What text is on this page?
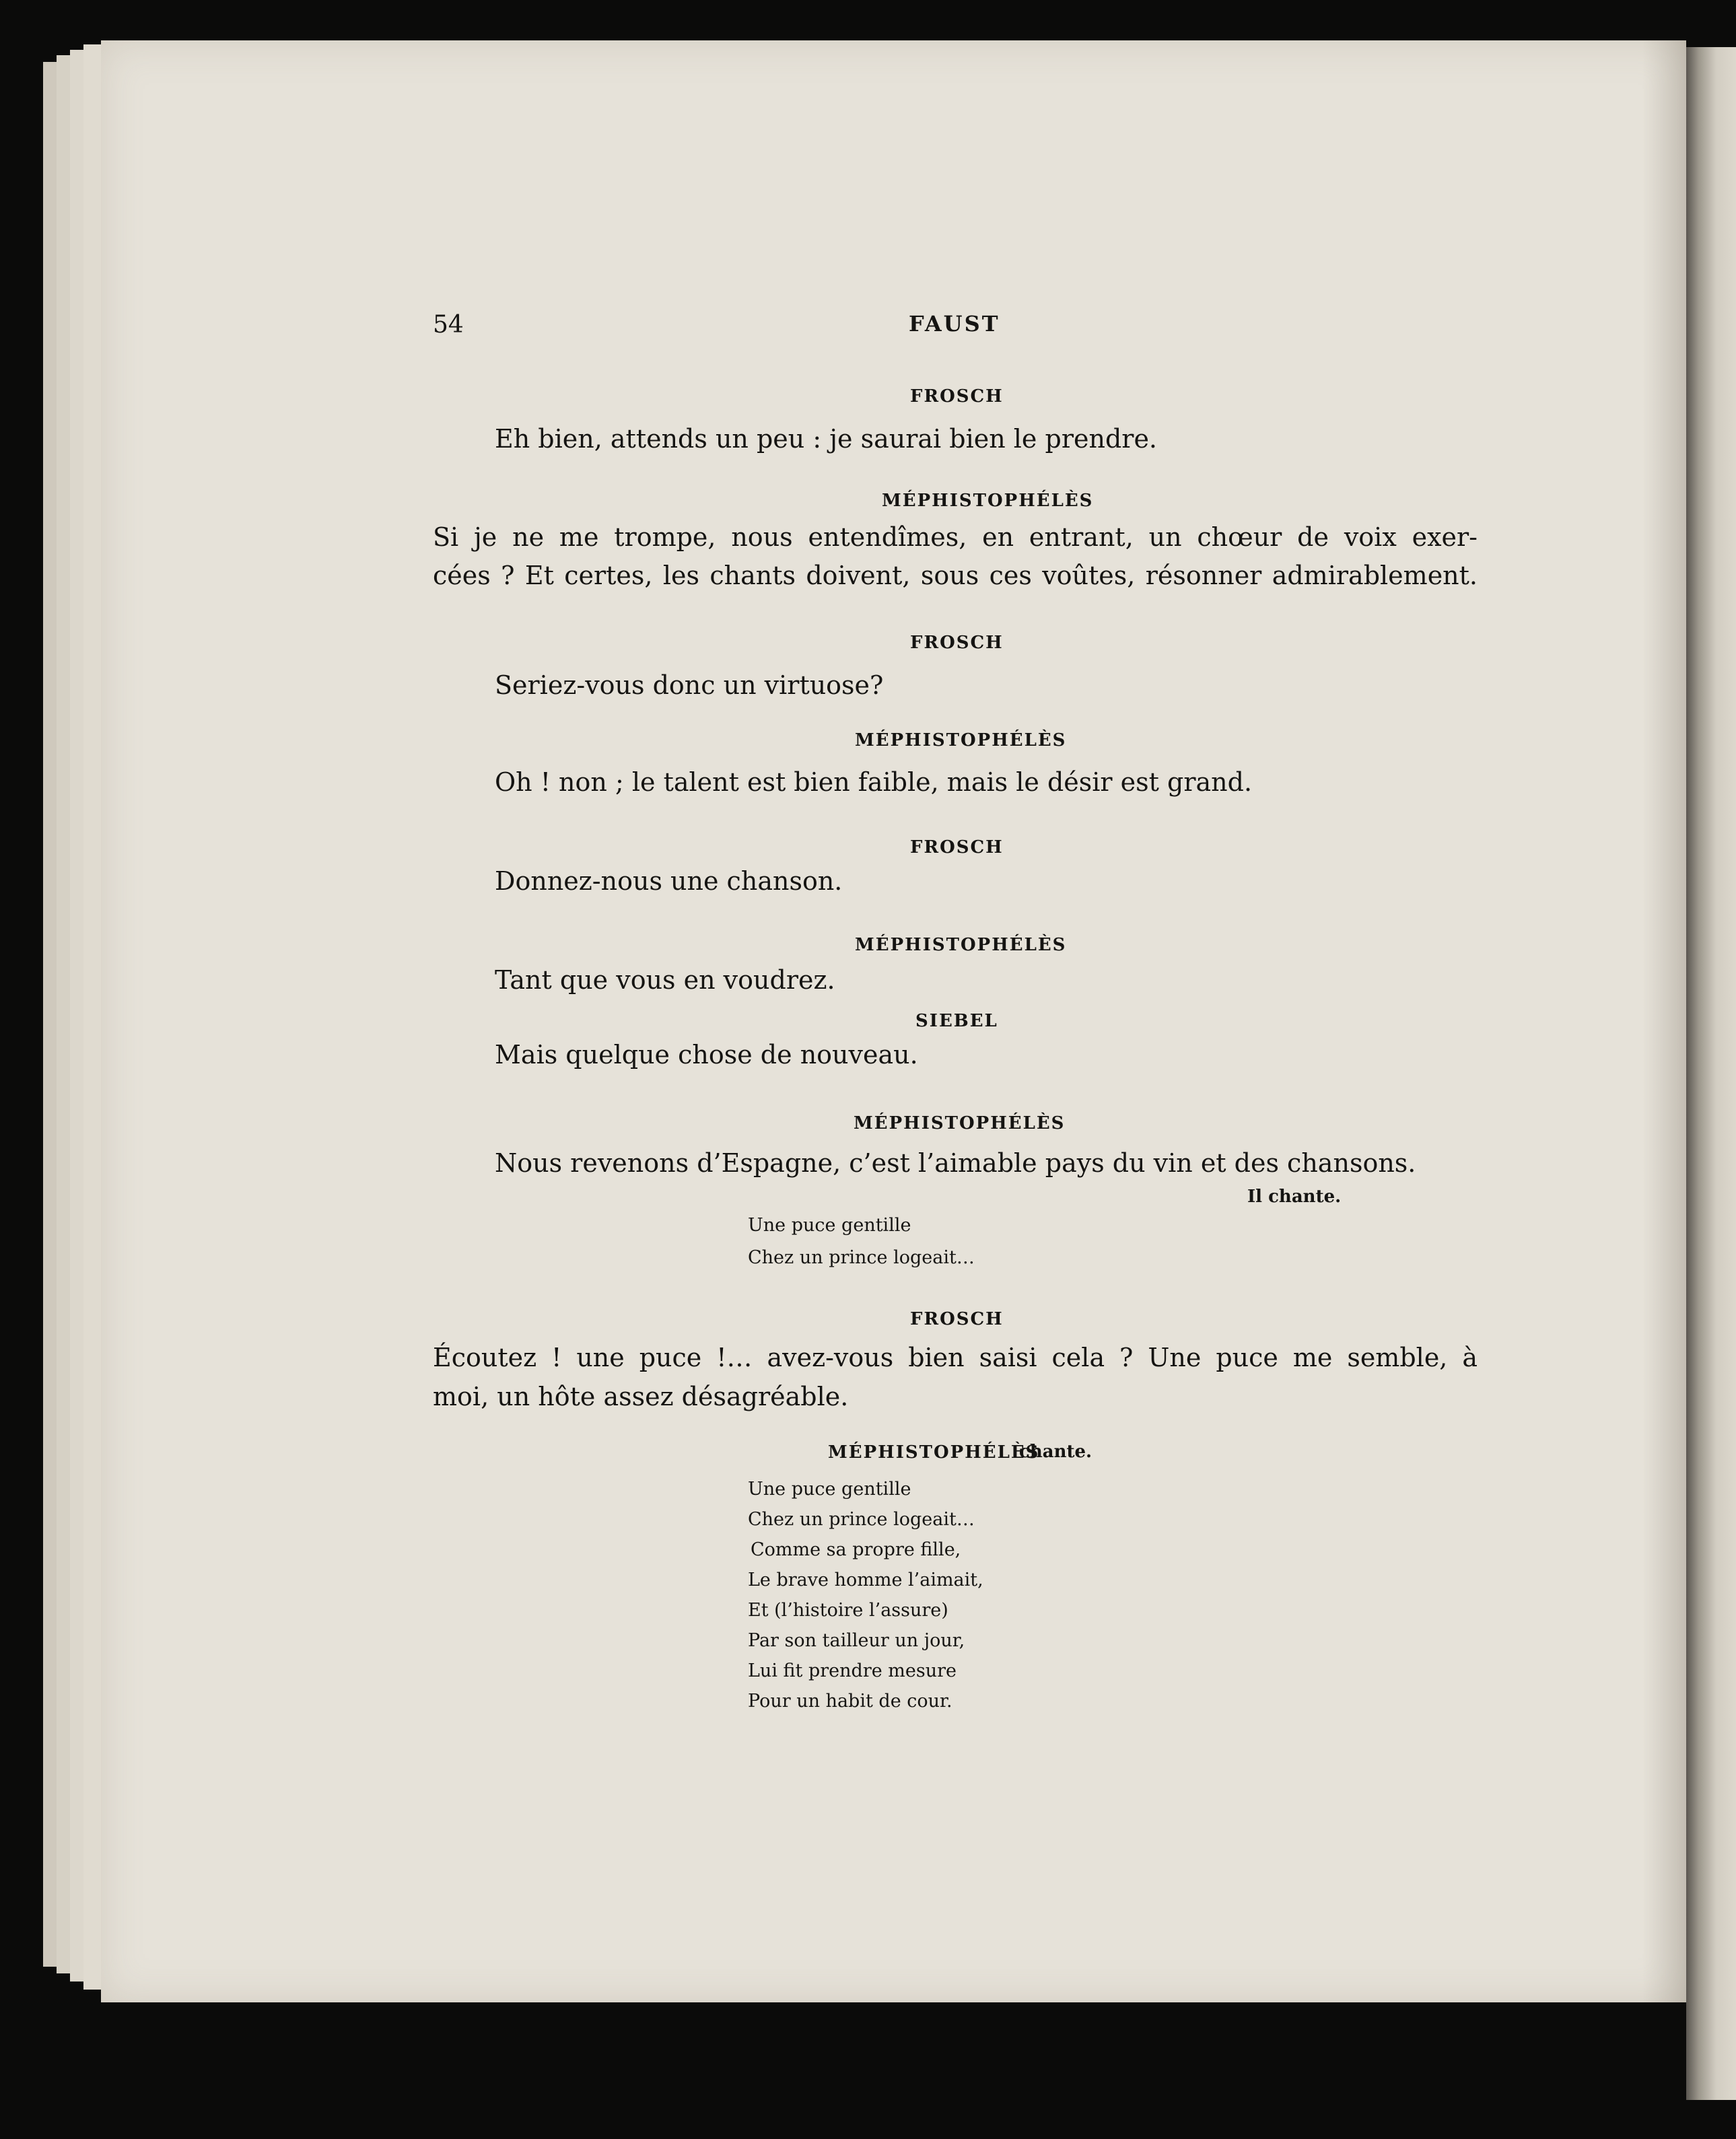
54	FAUST
FROSCH
Eh bien, attends un peu : je saurai bien le prendre.
MÉPHISTOPHÉLÈS
Si je ne me trompe, nous entendîmes, en entrant, un chœur de voix exer-
cées ? Et certes, les chants doivent, sous ces voûtes, résonner admirablement.
FROSCH
Seriez-vous donc un virtuose?
MÉPHISTOPHÉLÈS
Oh ! non ; le talent est bien faible, mais le désir est grand.
FROSCH
Donnez-nous une chanson.
MÉPHISTOPHÉLÈS
Tant que vous en voudrez.
SIEBEL
Mais quelque chose de nouveau.
MÉPHISTOPHÉLÈS
Nous revenons d’Espagne, c’est l’aimable pays du vin et des chansons.
Il chante.
Une puce gentille
Chez un prince logeait…
FROSCH
Écoutez ! une puce !… avez-vous bien saisi cela ? Une puce me semble, à
moi, un hôte assez désagréable.
MÉPHISTOPHÉLÈS
chante.
Une puce gentille
Chez un prince logeait…
Comme sa propre fille,
Le brave homme l’aimait,
Et (l’histoire l’assure)
Par son tailleur un jour,
Lui fit prendre mesure
Pour un habit de cour.
